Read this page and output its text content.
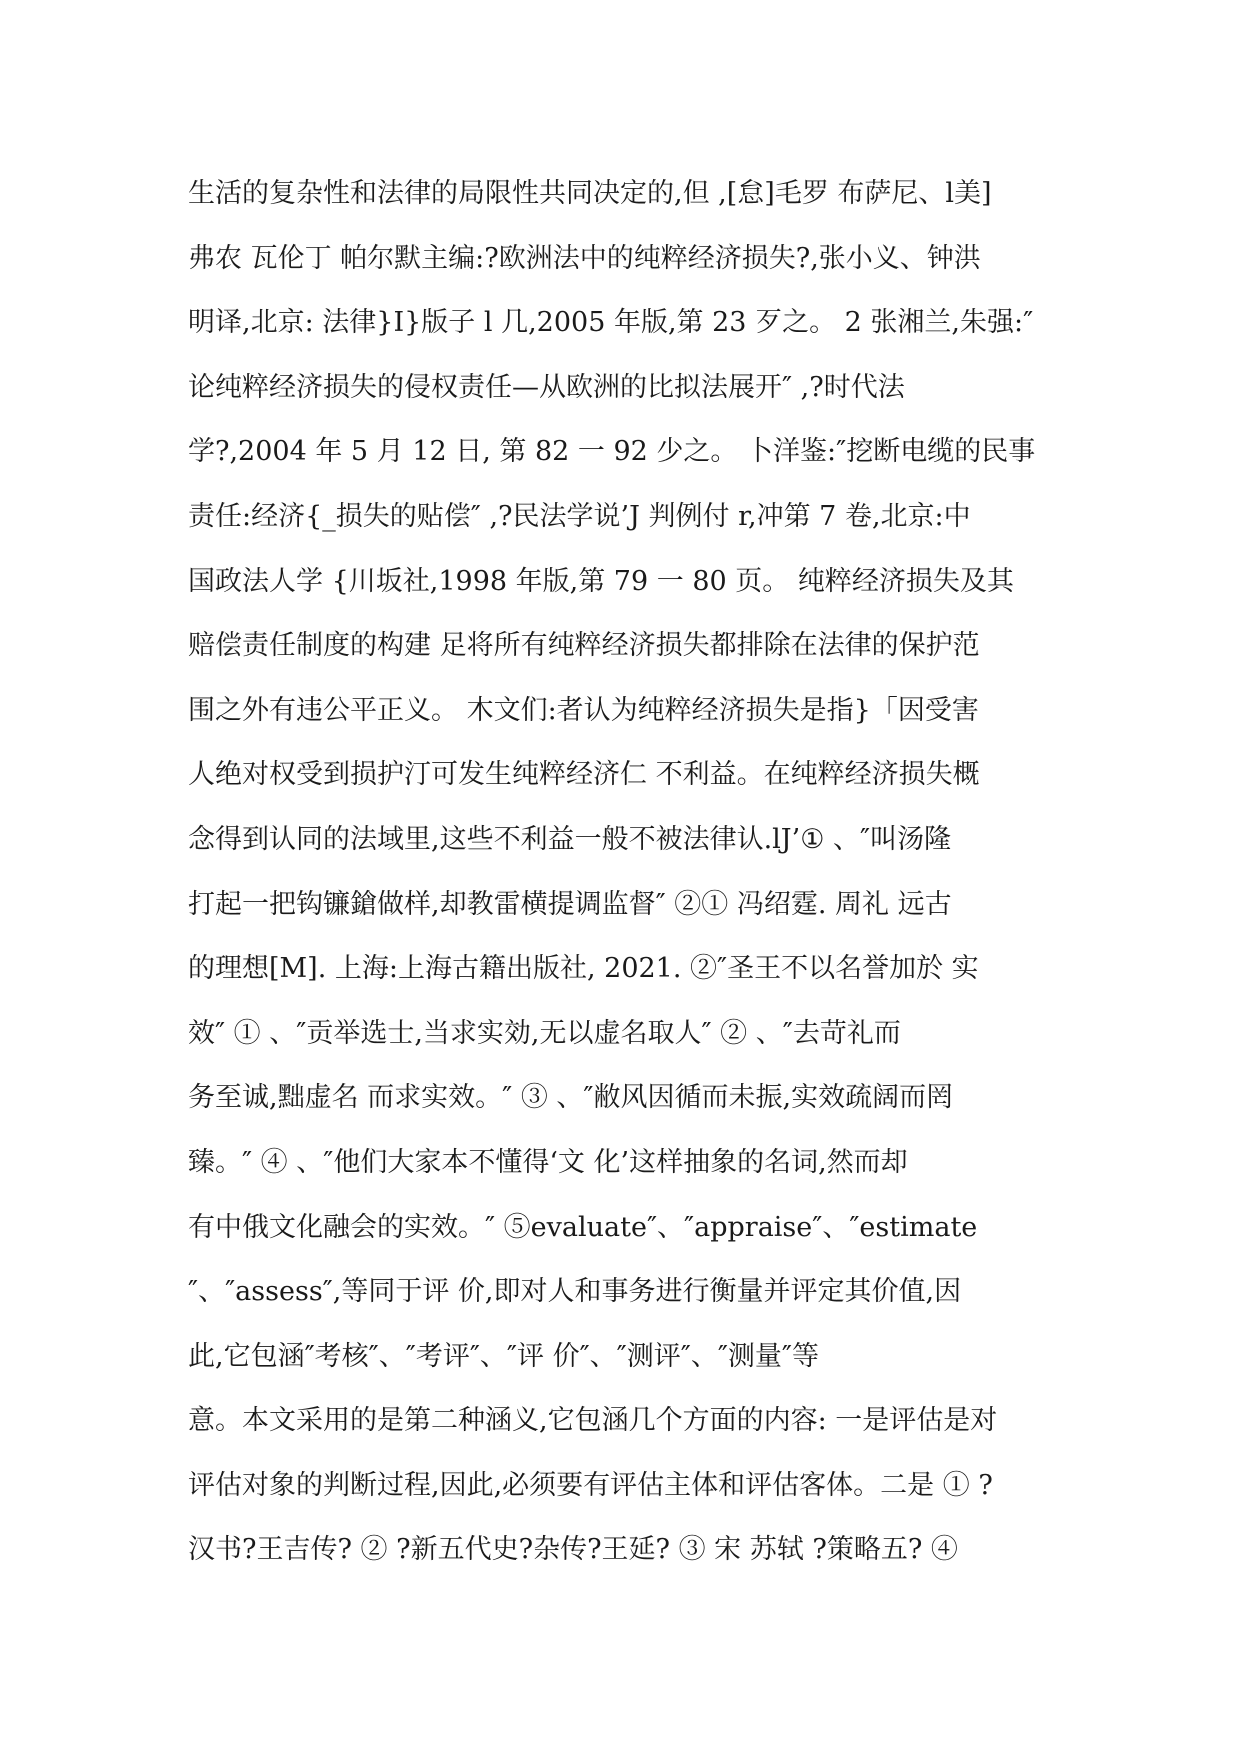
生活的复杂性和法律的局限性共同决定的,但 ,[怠]毛罗 布萨尼、l美]
弗农 瓦伦丁 帕尔默主编:?欧洲法中的纯粹经济损失?,张小义、钟洪
明译,北京: 法律}I}版子 l 几,2005 年版,第 23 歹之。 2 张湘兰,朱强:″
论纯粹经济损失的侵权责任—从欧洲的比拟法展开″ ,?时代法
学?,2004 年 5 月 12 日, 第 82 一 92 少之。 卜洋鉴:″挖断电缆的民事
责任:经济{_损失的贴偿″ ,?民法学说’J 判例付 r,冲第 7 卷,北京:中
国政法人学 {川坂社,1998 年版,第 79 一 80 页。 纯粹经济损失及其
赔偿责任制度的构建 足将所有纯粹经济损失都排除在法律的保护范
围之外有违公平正义。 木文们:者认为纯粹经济损失是指}「因受害
人绝对权受到损护汀可发生纯粹经济仁 不利益。在纯粹经济损失概
念得到认同的法域里,这些不利益一般不被法律认.lJ’① 、″叫汤隆
打起一把钩镰鎗做样,却教雷横提调监督″ ②① 冯绍霆. 周礼 远古
的理想[M]. 上海:上海古籍出版社, 2021. ②″圣王不以名誉加於 实
效″ ① 、″贡举选士,当求实効,无以虚名取人″ ② 、″去苛礼而
务至诚,黜虚名 而求实效。″ ③ 、″敝风因循而未振,实效疏阔而罔
臻。″ ④ 、″他们大家本不懂得‘文 化’这样抽象的名词,然而却
有中俄文化融会的实效。″ ⑤evaluate″、″appraise″、″estimate
″、″assess″,等同于评 价,即对人和事务进行衡量并评定其价值,因
此,它包涵″考核″、″考评″、″评 价″、″测评″、″测量″等
意。本文采用的是第二种涵义,它包涵几个方面的内容: 一是评估是对
评估对象的判断过程,因此,必须要有评估主体和评估客体。二是 ① ?
汉书?王吉传? ② ?新五代史?杂传?王延? ③ 宋 苏轼 ?策略五? ④
